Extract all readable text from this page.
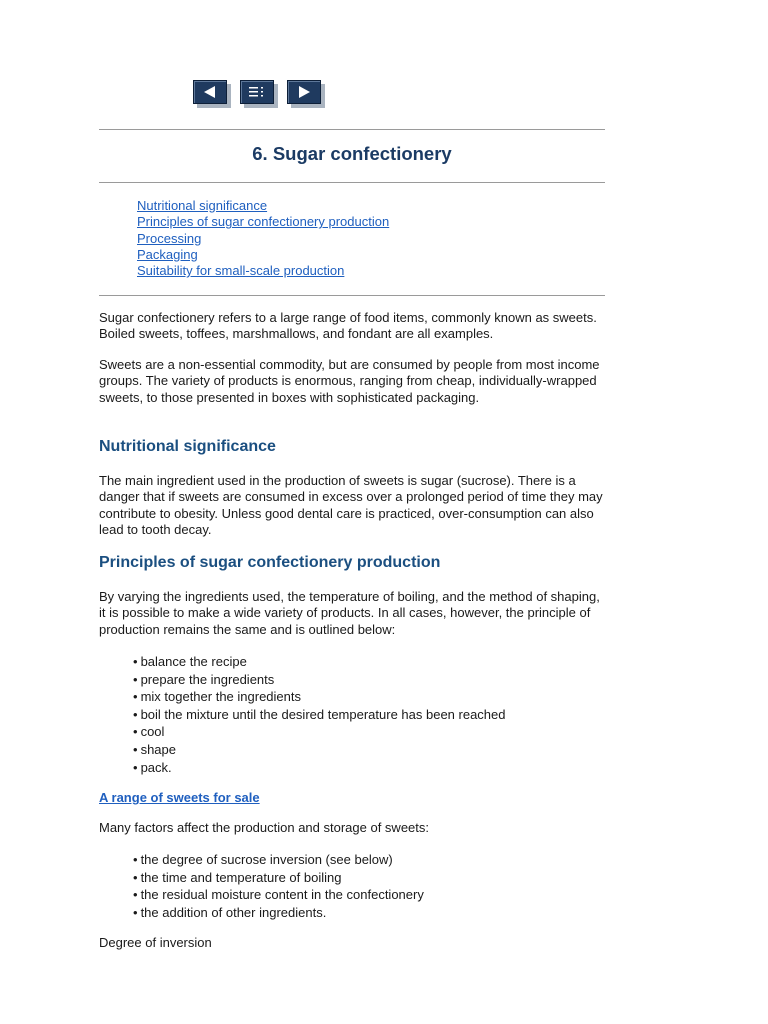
6. Sugar confectionery
Nutritional significance
Principles of sugar confectionery production
Processing
Packaging
Suitability for small-scale production

Sugar confectionery refers to a large range of food items, commonly known as sweets. Boiled sweets, toffees, marshmallows, and fondant are all examples.

Sweets are a non-essential commodity, but are consumed by people from most income groups. The variety of products is enormous, ranging from cheap, individually-wrapped sweets, to those presented in boxes with sophisticated packaging.

Nutritional significance

The main ingredient used in the production of sweets is sugar (sucrose). There is a danger that if sweets are consumed in excess over a prolonged period of time they may contribute to obesity. Unless good dental care is practiced, over-consumption can also lead to tooth decay.

Principles of sugar confectionery production

By varying the ingredients used, the temperature of boiling, and the method of shaping, it is possible to make a wide variety of products. In all cases, however, the principle of production remains the same and is outlined below:

• balance the recipe
• prepare the ingredients
• mix together the ingredients
• boil the mixture until the desired temperature has been reached
• cool
• shape
• pack.
A range of sweets for sale

Many factors affect the production and storage of sweets:

• the degree of sucrose inversion (see below)
• the time and temperature of boiling
• the residual moisture content in the confectionery
• the addition of other ingredients.

Degree of inversion
